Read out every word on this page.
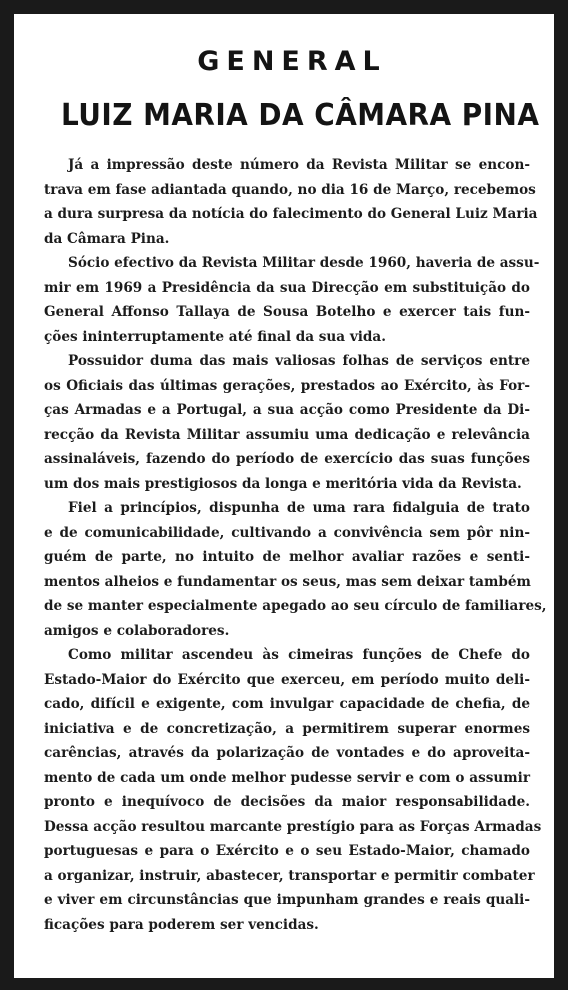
GENERAL
LUIZ MARIA DA CÂMARA PINA
Já a impressão deste número da Revista Militar se encon-
trava em fase adiantada quando, no dia 16 de Março, recebemos
a dura surpresa da notícia do falecimento do General Luiz Maria
da Câmara Pina.
Sócio efectivo da Revista Militar desde 1960, haveria de assu-
mir em 1969 a Presidência da sua Direcção em substituição do
General Affonso Tallaya de Sousa Botelho e exercer tais fun-
ções ininterruptamente até final da sua vida.
Possuidor duma das mais valiosas folhas de serviços entre
os Oficiais das últimas gerações, prestados ao Exército, às For-
ças Armadas e a Portugal, a sua acção como Presidente da Di-
recção da Revista Militar assumiu uma dedicação e relevância
assinaláveis, fazendo do período de exercício das suas funções
um dos mais prestigiosos da longa e meritória vida da Revista.
Fiel a princípios, dispunha de uma rara fidalguia de trato
e de comunicabilidade, cultivando a convivência sem pôr nin-
guém de parte, no intuito de melhor avaliar razões e senti-
mentos alheios e fundamentar os seus, mas sem deixar também
de se manter especialmente apegado ao seu círculo de familiares,
amigos e colaboradores.
Como militar ascendeu às cimeiras funções de Chefe do
Estado-Maior do Exército que exerceu, em período muito deli-
cado, difícil e exigente, com invulgar capacidade de chefia, de
iniciativa e de concretização, a permitirem superar enormes
carências, através da polarização de vontades e do aproveita-
mento de cada um onde melhor pudesse servir e com o assumir
pronto e inequívoco de decisões da maior responsabilidade.
Dessa acção resultou marcante prestígio para as Forças Armadas
portuguesas e para o Exército e o seu Estado-Maior, chamado
a organizar, instruir, abastecer, transportar e permitir combater
e viver em circunstâncias que impunham grandes e reais quali-
ficações para poderem ser vencidas.
